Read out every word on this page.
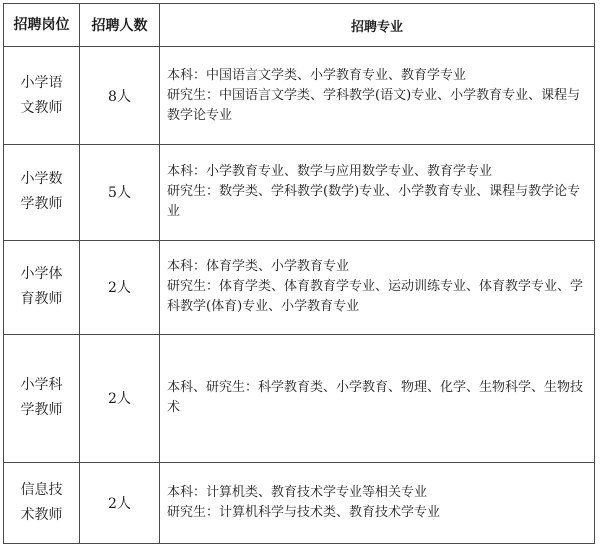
招聘岗位	招聘人数	招聘专业
小学语文教师	8人	本科：中国语言文学类、小学教育专业、教育学专业
研究生：中国语言文学类、学科教学(语文)专业、小学教育专业、课程与教学论专业

小学数学教师	5人	本科：小学教育专业、数学与应用数学专业、教育学专业
研究生：数学类、学科教学(数学)专业、小学教育专业、课程与教学论专业

小学体育教师	2人	本科：体育学类、小学教育专业
研究生：体育学类、体育教育学专业、运动训练专业、体育教学专业、学科教学(体育)专业、小学教育专业

小学科学教师	2人	本科、研究生：科学教育类、小学教育、物理、化学、生物科学、生物技术

信息技术教师	2人	本科：计算机类、教育技术学专业等相关专业
研究生：计算机科学与技术类、教育技术学专业
